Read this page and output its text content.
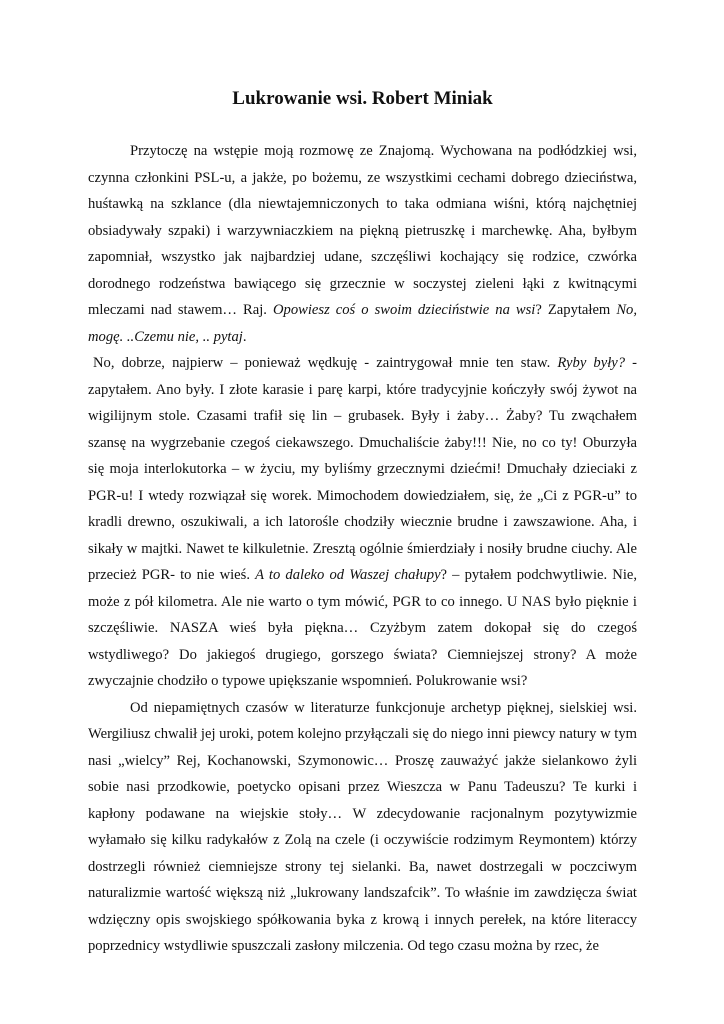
Lukrowanie wsi. Robert Miniak

Przytoczę na wstępie moją rozmowę ze Znajomą. Wychowana na podłódzkiej wsi, czynna członkini PSL-u, a jakże, po bożemu, ze wszystkimi cechami dobrego dzieciństwa, huśtawką na szklance (dla niewtajemniczonych to taka odmiana wiśni, którą najchętniej obsiadywały szpaki) i warzywniaczkiem na piękną pietruszkę i marchewkę. Aha, byłbym zapomniał, wszystko jak najbardziej udane, szczęśliwi kochający się rodzice, czwórka dorodnego rodzeństwa bawiącego się grzecznie w soczystej zieleni łąki z kwitnącymi mleczami nad stawem… Raj. Opowiesz coś o swoim dzieciństwie na wsi? Zapytałem No, mogę. ..Czemu nie, .. pytaj.

No, dobrze, najpierw – ponieważ wędkuję - zaintrygował mnie ten staw. Ryby były? - zapytałem. Ano były. I złote karasie i parę karpi, które tradycyjnie kończyły swój żywot na wigilijnym stole. Czasami trafił się lin – grubasek. Były i żaby… Żaby? Tu zwąchałem szansę na wygrzebanie czegoś ciekawszego. Dmuchaliście żaby!!! Nie, no co ty! Oburzyła się moja interlokutorka – w życiu, my byliśmy grzecznymi dziećmi! Dmuchały dzieciaki z PGR-u! I wtedy rozwiązał się worek. Mimochodem dowiedziałem, się, że „Ci z PGR-u” to kradli drewno, oszukiwali, a ich latorośle chodziły wiecznie brudne i zawszawione. Aha, i sikały w majtki. Nawet te kilkuletnie. Zresztą ogólnie śmierdziały i nosiły brudne ciuchy. Ale przecież PGR- to nie wieś. A to daleko od Waszej chałupy? – pytałem podchwytliwie. Nie, może z pół kilometra. Ale nie warto o tym mówić, PGR to co innego. U NAS było pięknie i szczęśliwie. NASZA wieś była piękna… Czyżbym zatem dokopał się do czegoś wstydliwego? Do jakiegoś drugiego, gorszego świata? Ciemniejszej strony? A może zwyczajnie chodziło o typowe upiększanie wspomnień. Polukrowanie wsi?

Od niepamiętnych czasów w literaturze funkcjonuje archetyp pięknej, sielskiej wsi. Wergiliusz chwalił jej uroki, potem kolejno przyłączali się do niego inni piewcy natury w tym nasi „wielcy” Rej, Kochanowski, Szymonowic… Proszę zauważyć jakże sielankowo żyli sobie nasi przodkowie, poetycko opisani przez Wieszcza w Panu Tadeuszu? Te kurki i kapłony podawane na wiejskie stoły… W zdecydowanie racjonalnym pozytywizmie wyłamało się kilku radykałów z Zolą na czele (i oczywiście rodzimym Reymontem) którzy dostrzegli również ciemniejsze strony tej sielanki. Ba, nawet dostrzegali w poczciwym naturalizmie wartość większą niż „lukrowany landszafcik”. To właśnie im zawdzięcza świat wdzięczny opis swojskiego spółkowania byka z krową i innych perełek, na które literaccy poprzednicy wstydliwie spuszczali zasłony milczenia. Od tego czasu można by rzec, że
